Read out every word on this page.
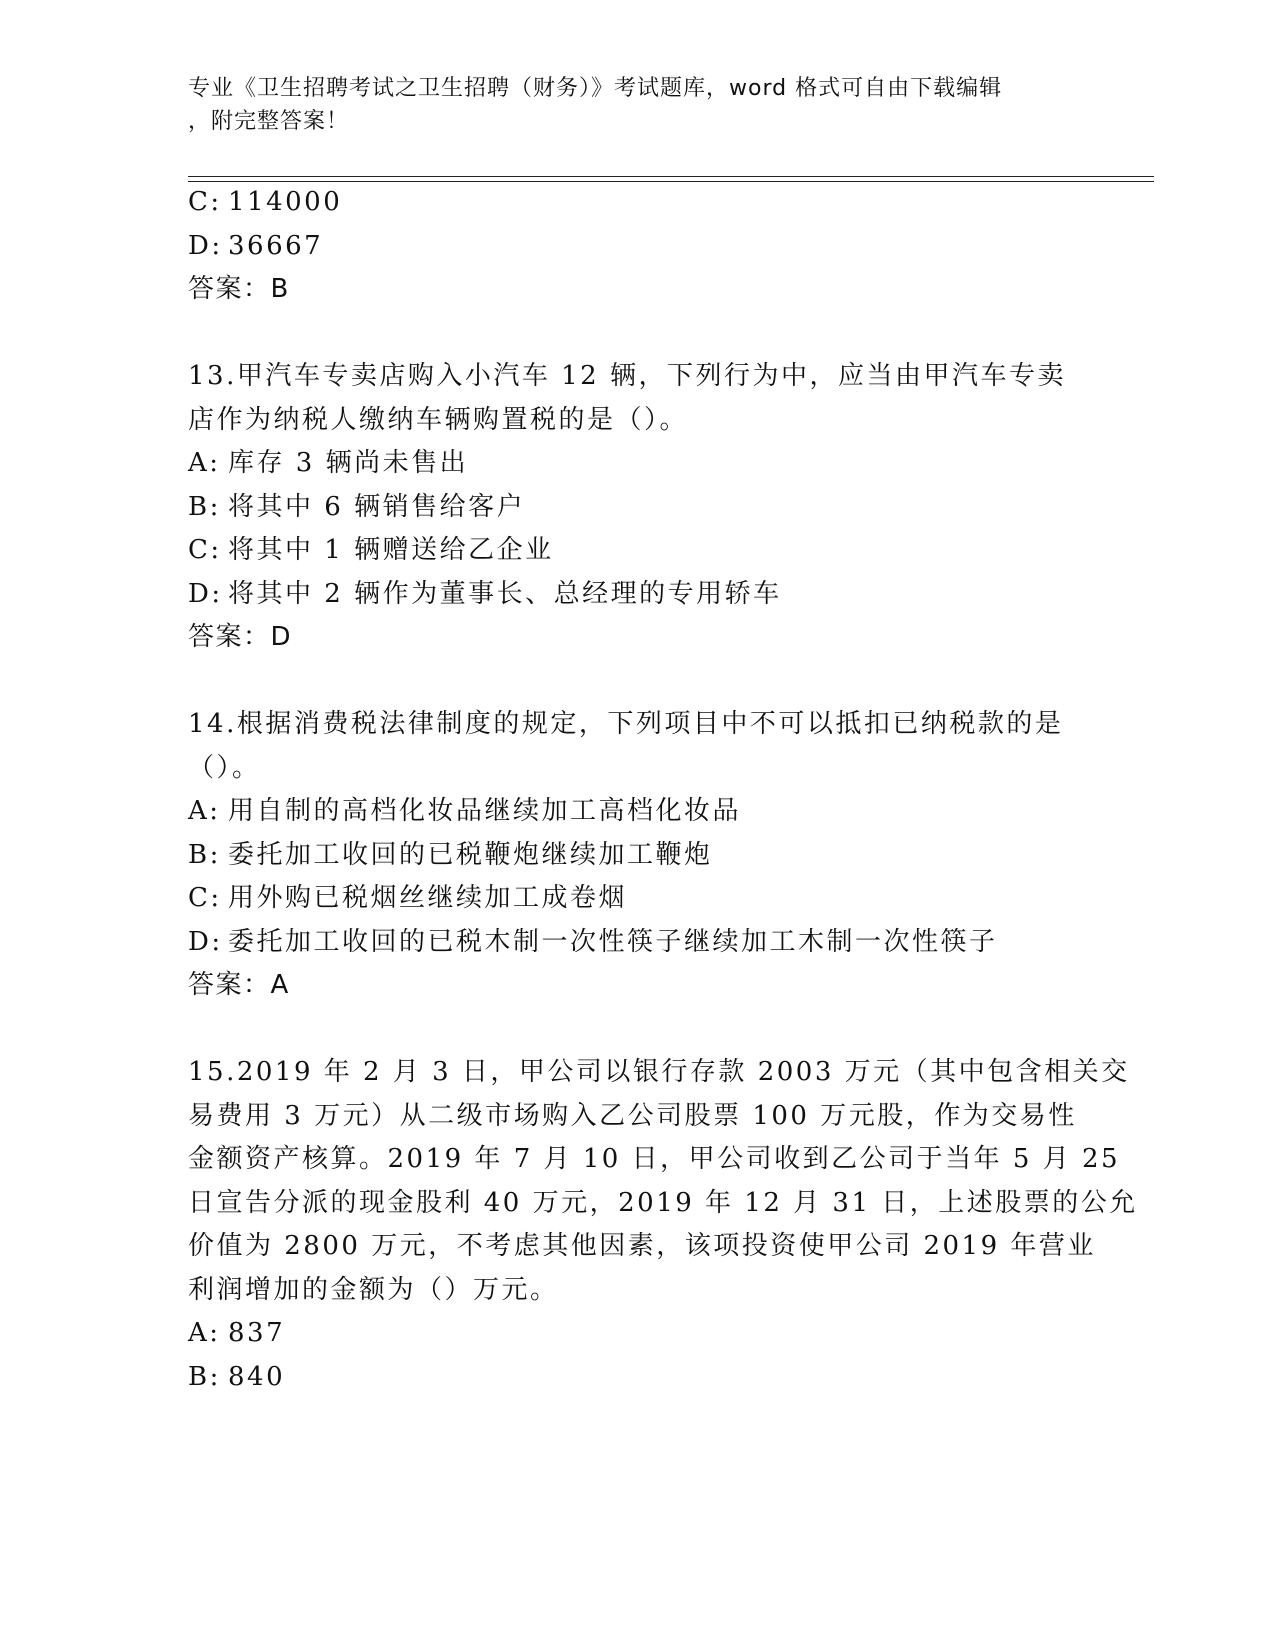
专业《卫生招聘考试之卫生招聘（财务）》考试题库，word 格式可自由下载编辑
，附完整答案！
C: 114000
D: 36667
答案：B
13.甲汽车专卖店购入小汽车 12 辆，下列行为中，应当由甲汽车专卖
店作为纳税人缴纳车辆购置税的是（）。
A: 库存 3 辆尚未售出
B: 将其中 6 辆销售给客户
C: 将其中 1 辆赠送给乙企业
D: 将其中 2 辆作为董事长、总经理的专用轿车
答案：D
14.根据消费税法律制度的规定，下列项目中不可以抵扣已纳税款的是
（）。
A: 用自制的高档化妆品继续加工高档化妆品
B: 委托加工收回的已税鞭炮继续加工鞭炮
C: 用外购已税烟丝继续加工成卷烟
D: 委托加工收回的已税木制一次性筷子继续加工木制一次性筷子
答案：A
15.2019 年 2 月 3 日，甲公司以银行存款 2003 万元（其中包含相关交
易费用 3 万元）从二级市场购入乙公司股票 100 万元股，作为交易性
金额资产核算。2019 年 7 月 10 日，甲公司收到乙公司于当年 5 月 25
日宣告分派的现金股利 40 万元，2019 年 12 月 31 日，上述股票的公允
价值为 2800 万元，不考虑其他因素，该项投资使甲公司 2019 年营业
利润增加的金额为（）万元。
A: 837
B: 840
